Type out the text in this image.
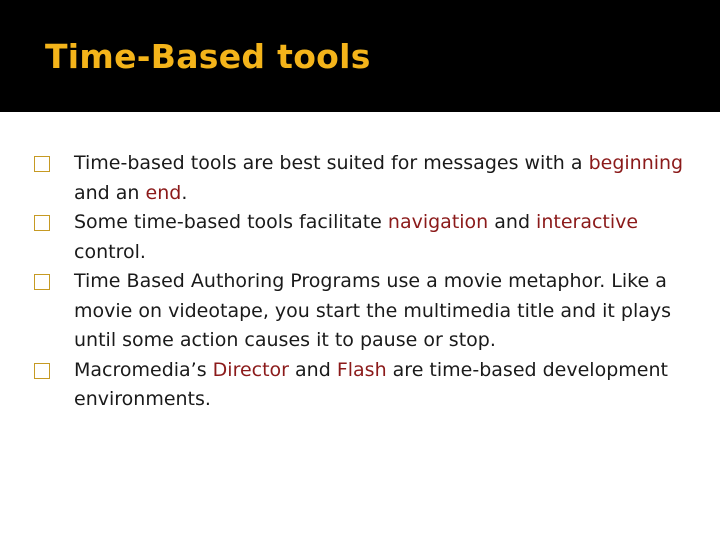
Time-Based tools
Time-based tools are best suited for messages with a beginning and an end.
Some time-based tools facilitate navigation and interactive control.
Time Based Authoring Programs use a movie metaphor. Like a movie on videotape, you start the multimedia title and it plays until some action causes it to pause or stop.
Macromedia’s Director and Flash are time-based development environments.
